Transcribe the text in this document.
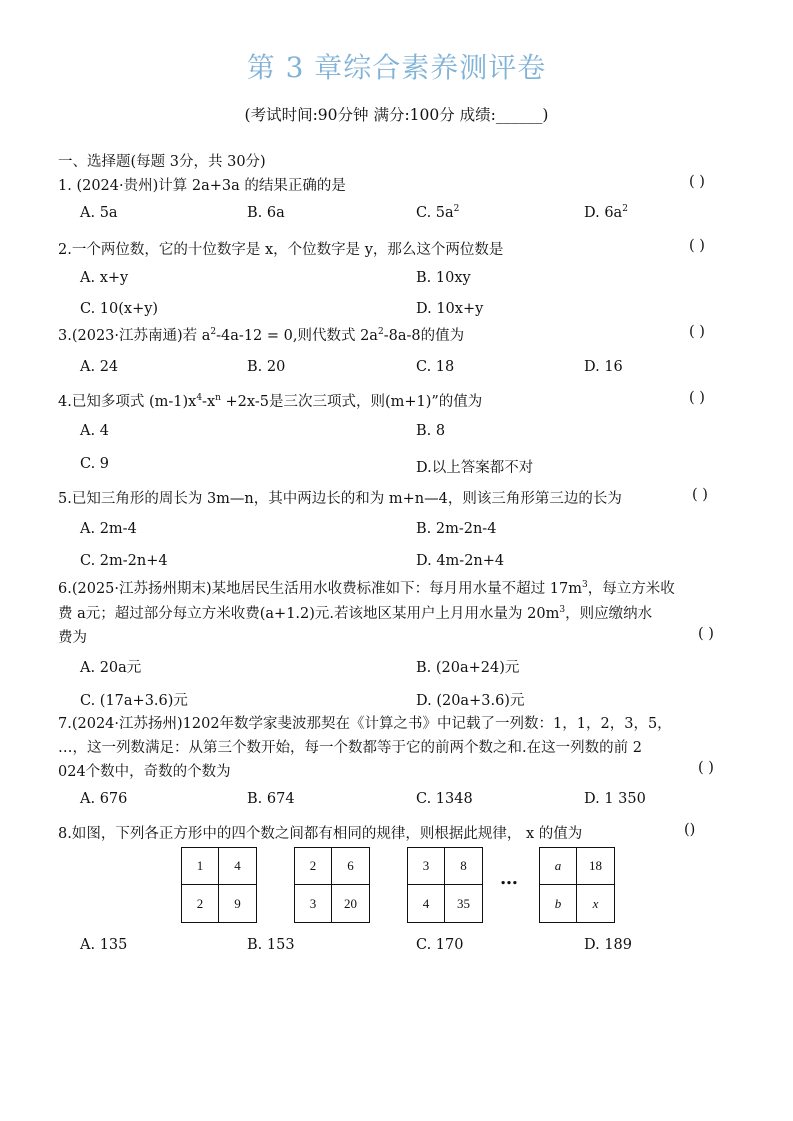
第 3 章综合素养测评卷
(考试时间:90分钟 满分:100分 成绩:______)
一、选择题(每题 3分，共 30分)
1. (2024·贵州)计算 2a+3a 的结果正确的是	( )
A. 5a	B. 6a	C. $5a^2$	D. $6a^2$
2.一个两位数，它的十位数字是 x，个位数字是 y，那么这个两位数是	( )
A. x+y	B. 10xy
C. 10(x+y)	D. 10x+y
3.(2023·江苏南通)若 $a^2-4a-12 = 0$,则代数式 $2a^2-8a-8$的值为	( )
A. 24	B. 20	C. 18	D. 16
4.已知多项式 $(m-1)x^4-x^n +2x-5$是三次三项式，则(m+1)”的值为	( )
A. 4	B. 8
C. 9	D.以上答案都不对
5.已知三角形的周长为 3m—n，其中两边长的和为 m+n—4，则该三角形第三边的长为	( )
A. 2m-4	B. 2m-2n-4
C. 2m-2n+4	D. 4m-2n+4
6.(2025·江苏扬州期末)某地居民生活用水收费标准如下：每月用水量不超过 $17m^3$，每立方米收
费 a元；超过部分每立方米收费(a+1.2)元.若该地区某用户上月用水量为 $20m^3$，则应缴纳水
费为	( )
A. 20a元	B. (20a+24)元
C. (17a+3.6)元	D. (20a+3.6)元
7.(2024·江苏扬州)1202年数学家斐波那契在《计算之书》中记载了一列数：1，1，2，3，5，
…，这一列数满足：从第三个数开始，每一个数都等于它的前两个数之和.在这一列数的前 2
024个数中，奇数的个数为	( )
A. 676	B. 674	C. 1348	D. 1 350
8.如图，下列各正方形中的四个数之间都有相同的规律，则根据此规律， x 的值为	()
1	4
2	9
2	6
3	20
3	8
4	35
…
a	18
b	x
A. 135	B. 153	C. 170	D. 189
